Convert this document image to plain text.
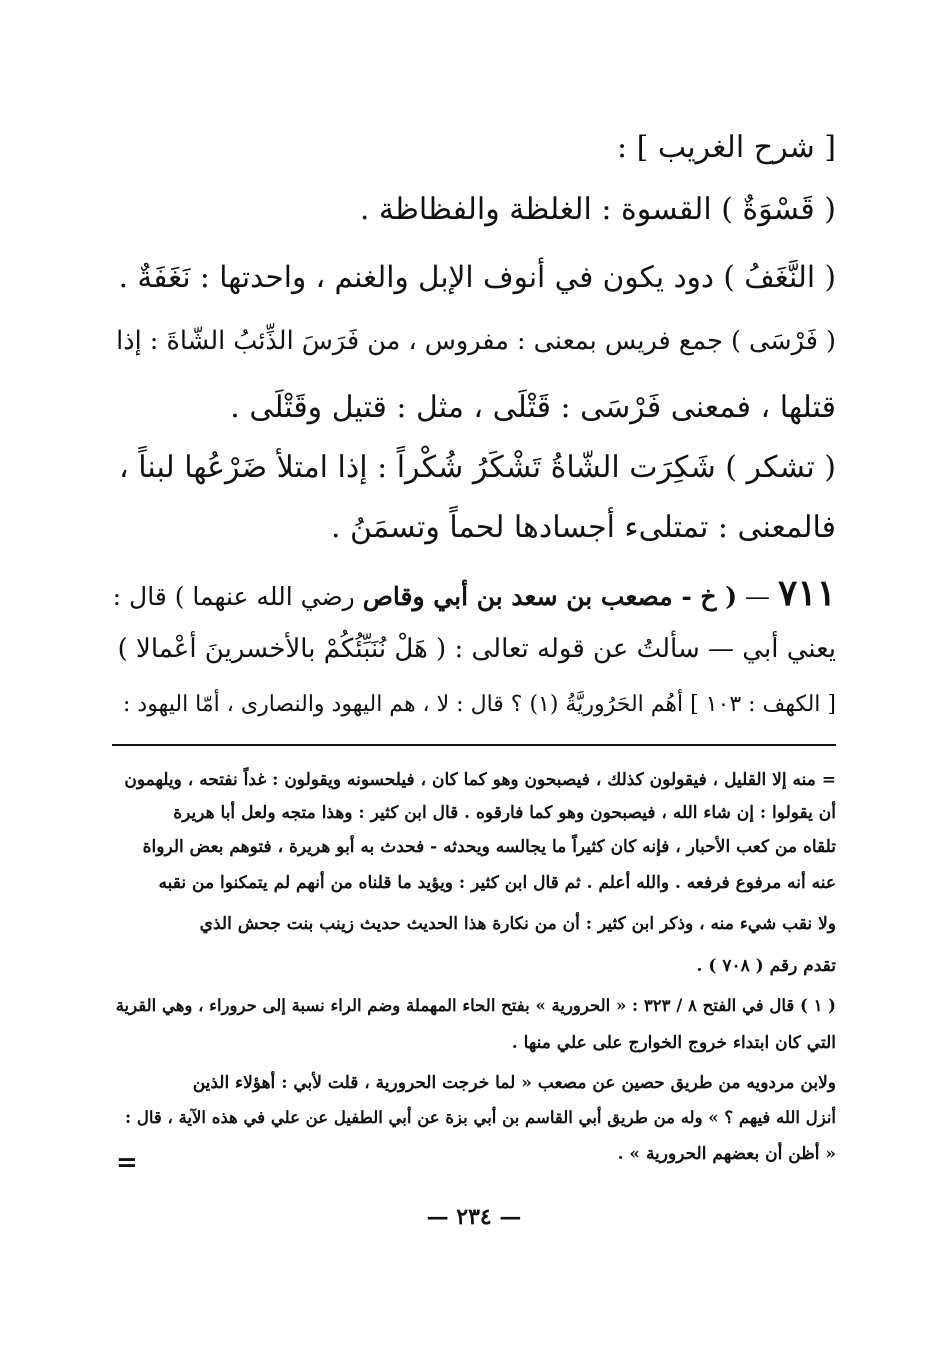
[ شرح الغريب ] :
( قَسْوَةٌ ) القسوة : الغلظة والفظاظة .
( النَّغَفُ ) دود يكون في أنوف الإبل والغنم ، واحدتها : نَغَفَةٌ .
( فَرْسَى ) جمع فريس بمعنى : مفروس ، من فَرَسَ الذِّئبُ الشّاةَ : إذا
قتلها ، فمعنى فَرْسَى : قَتْلَى ، مثل : قتيل وقَتْلَى .
( تشكر ) شَكِرَت الشّاةُ تَشْكَرُ شُكْراً : إذا امتلأ ضَرْعُها لبناً ،
فالمعنى : تمتلىء أجسادها لحماً وتسمَنُ .
٧١١ — ( خ - مصعب بن سعد بن أبي وقاص رضي الله عنهما ) قال :
يعني أبي — سألتُ عن قوله تعالى : ( هَلْ نُنَبِّئُكُمْ بالأخسرينَ أعْمالا )
[ الكهف : ١٠٣ ] أهُم الحَرُوريَّةُ (١) ؟ قال : لا ، هم اليهود والنصارى ، أمّا اليهود :
= منه إلا القليل ، فيقولون كذلك ، فيصبحون وهو كما كان ، فيلحسونه ويقولون : غداً نفتحه ، ويلهمون
أن يقولوا : إن شاء الله ، فيصبحون وهو كما فارقوه . قال ابن كثير : وهذا متجه ولعل أبا هريرة
تلقاه من كعب الأحبار ، فإنه كان كثيراً ما يجالسه ويحدثه - فحدث به أبو هريرة ، فتوهم بعض الرواة
عنه أنه مرفوع فرفعه . والله أعلم . ثم قال ابن كثير : ويؤيد ما قلناه من أنهم لم يتمكنوا من نقبه
ولا نقب شيء منه ، وذكر ابن كثير : أن من نكارة هذا الحديث حديث زينب بنت جحش الذي
تقدم رقم ( ٧٠٨ ) .
( ١ ) قال في الفتح ٨ / ٣٢٣ : « الحرورية » بفتح الحاء المهملة وضم الراء نسبة إلى حروراء ، وهي القرية
التي كان ابتداء خروج الخوارج على علي منها .
ولابن مردويه من طريق حصين عن مصعب « لما خرجت الحرورية ، قلت لأبي : أهؤلاء الذين
أنزل الله فيهم ؟ » وله من طريق أبي القاسم بن أبي بزة عن أبي الطفيل عن علي في هذه الآية ، قال :
« أظن أن بعضهم الحرورية » .
=
— ٢٣٤ —
